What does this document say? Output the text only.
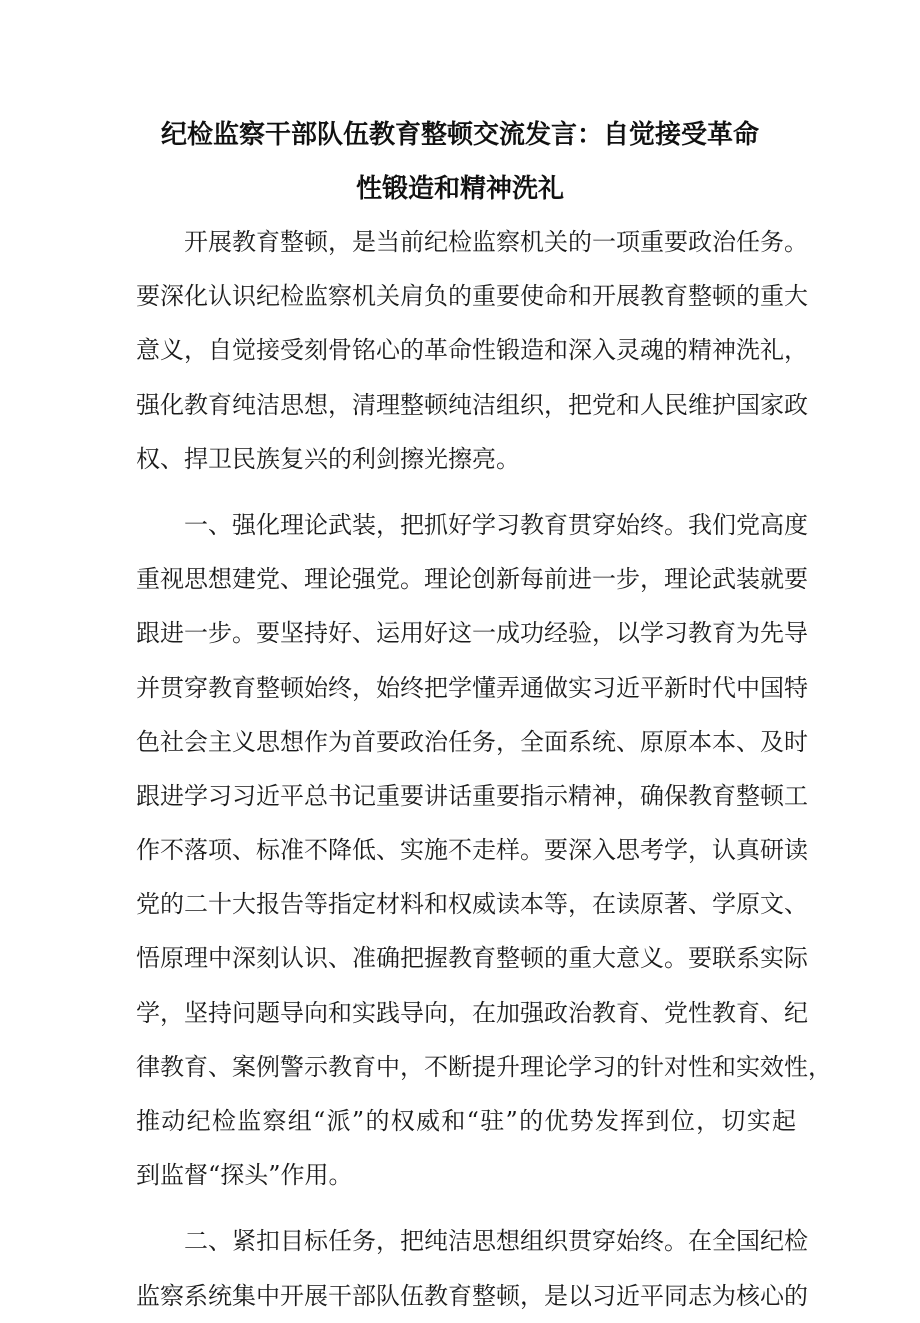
纪检监察干部队伍教育整顿交流发言：自觉接受革命
性锻造和精神洗礼
开展教育整顿，是当前纪检监察机关的一项重要政治任务。
要深化认识纪检监察机关肩负的重要使命和开展教育整顿的重大
意义，自觉接受刻骨铭心的革命性锻造和深入灵魂的精神洗礼，
强化教育纯洁思想，清理整顿纯洁组织，把党和人民维护国家政
权、捍卫民族复兴的利剑擦光擦亮。
一、强化理论武装，把抓好学习教育贯穿始终。我们党高度
重视思想建党、理论强党。理论创新每前进一步，理论武装就要
跟进一步。要坚持好、运用好这一成功经验，以学习教育为先导
并贯穿教育整顿始终，始终把学懂弄通做实习近平新时代中国特
色社会主义思想作为首要政治任务，全面系统、原原本本、及时
跟进学习习近平总书记重要讲话重要指示精神，确保教育整顿工
作不落项、标准不降低、实施不走样。要深入思考学，认真研读
党的二十大报告等指定材料和权威读本等，在读原著、学原文、
悟原理中深刻认识、准确把握教育整顿的重大意义。要联系实际
学，坚持问题导向和实践导向，在加强政治教育、党性教育、纪
律教育、案例警示教育中，不断提升理论学习的针对性和实效性，
推动纪检监察组“派”的权威和“驻”的优势发挥到位，切实起
到监督“探头”作用。
二、紧扣目标任务，把纯洁思想组织贯穿始终。在全国纪检
监察系统集中开展干部队伍教育整顿，是以习近平同志为核心的
